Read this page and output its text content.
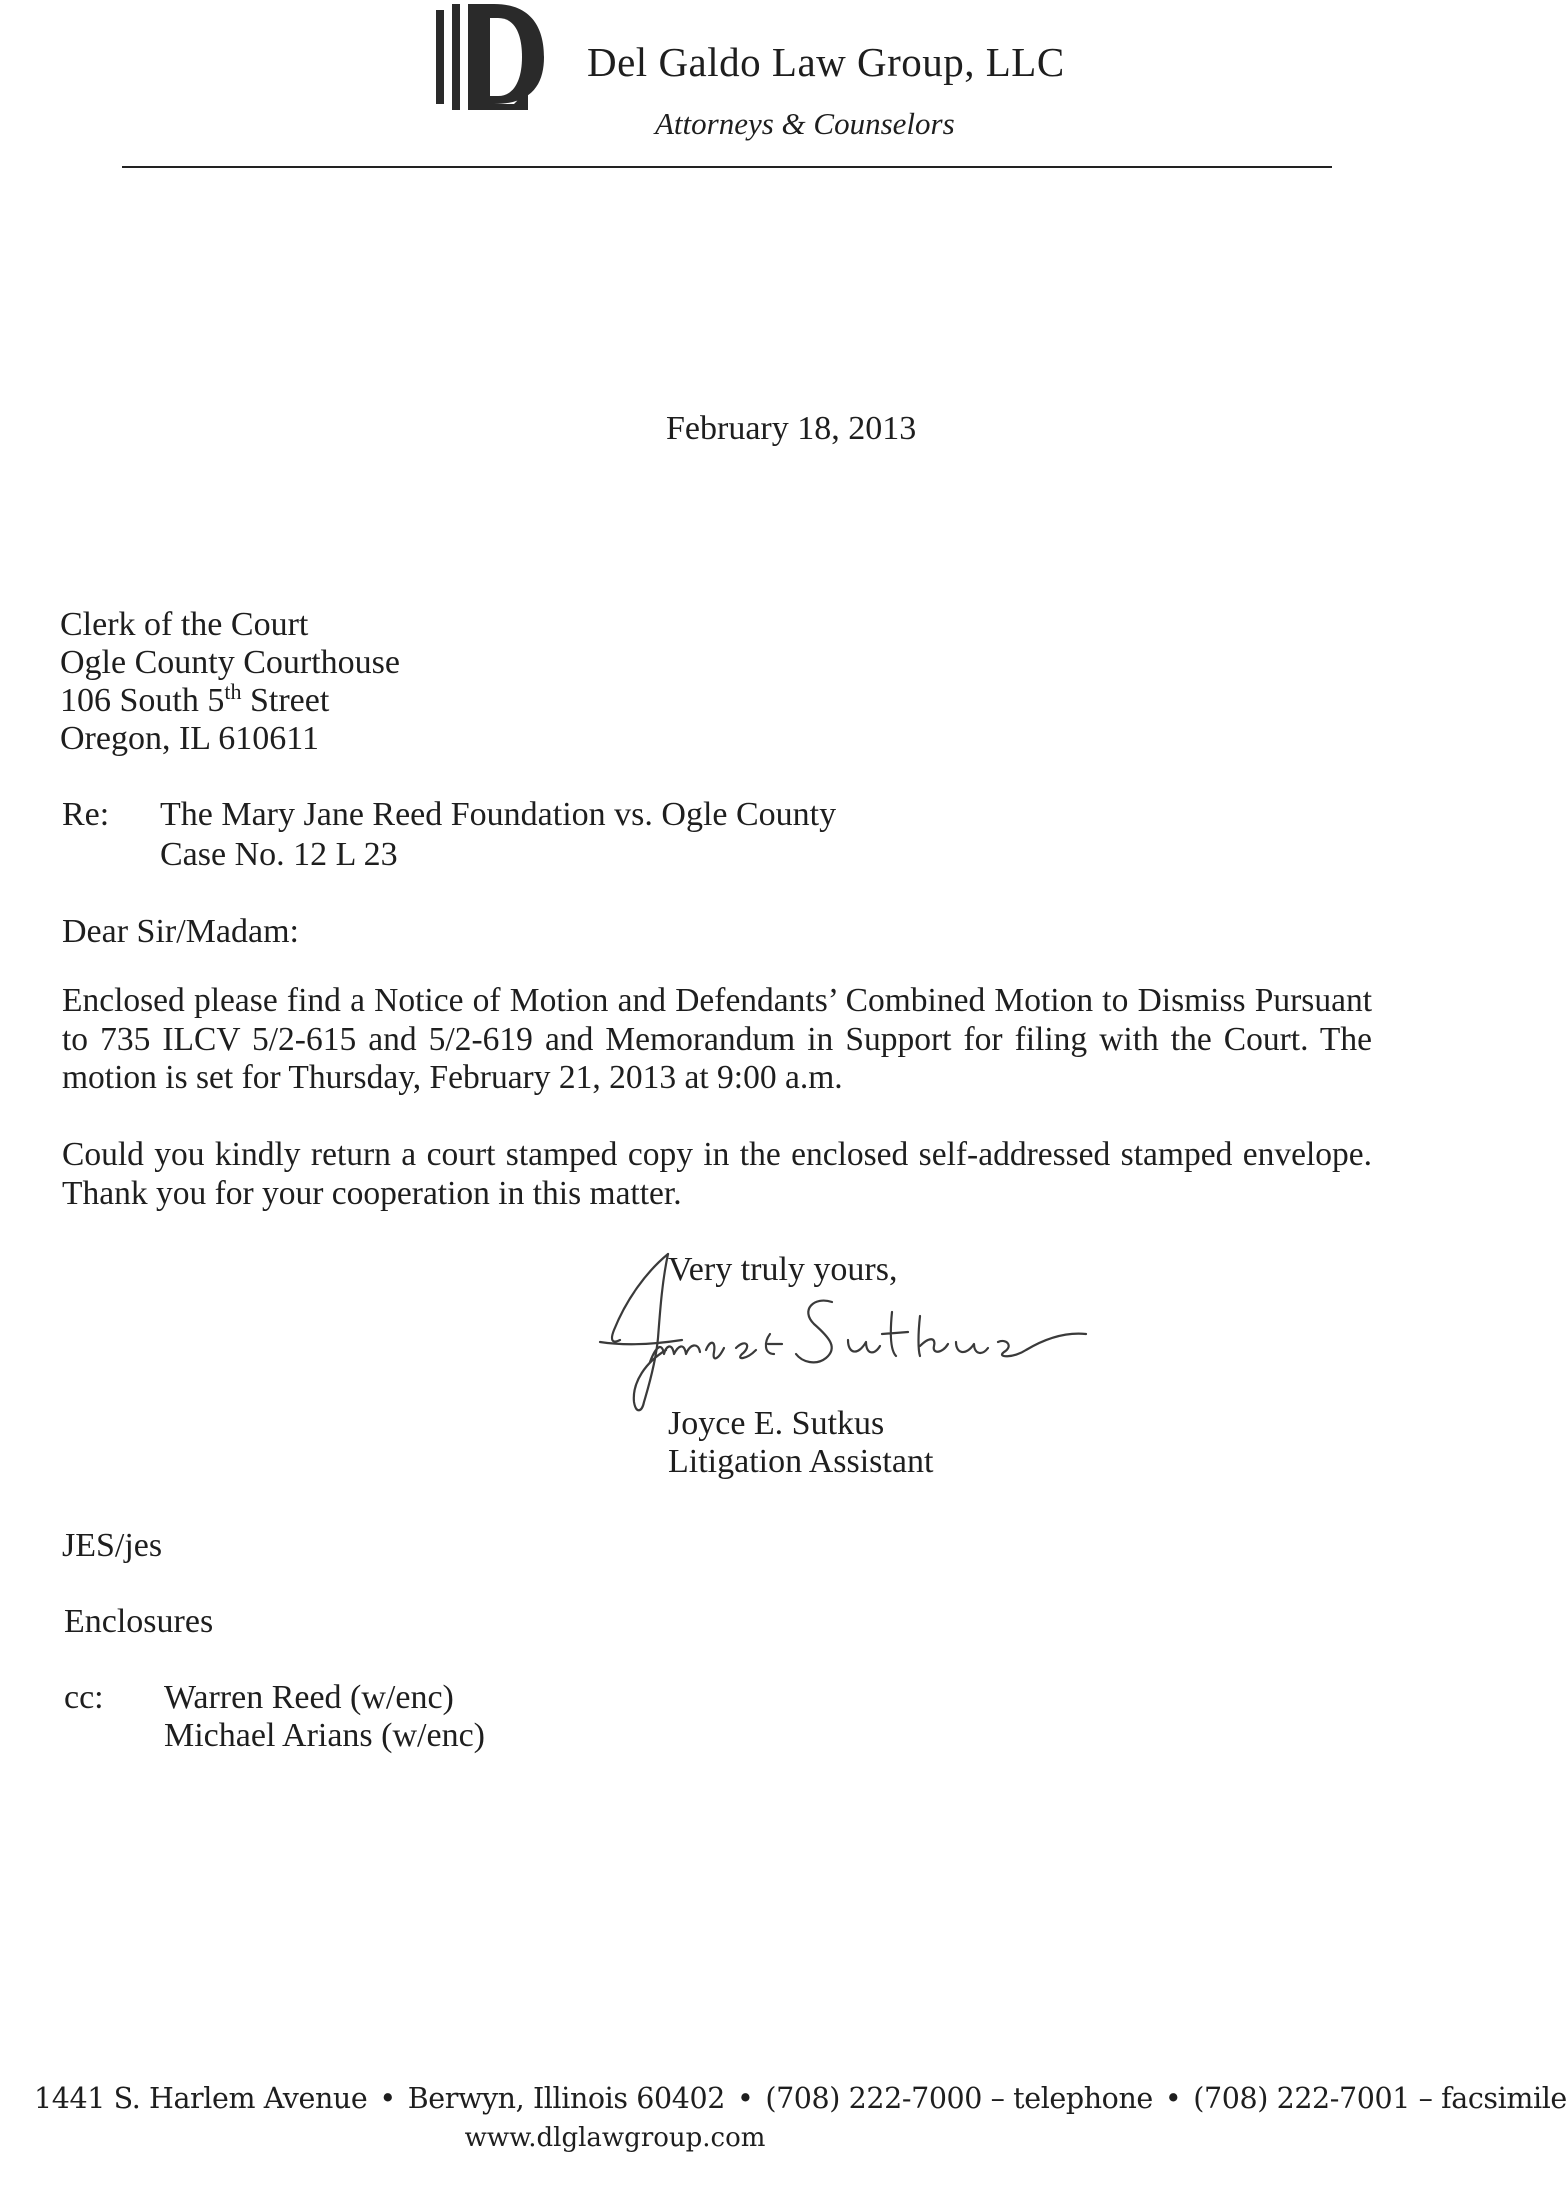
Del Galdo Law Group, LLC
Attorneys & Counselors
February 18, 2013
Clerk of the Court
Ogle County Courthouse
106 South 5th Street
Oregon, IL 610611
Re: The Mary Jane Reed Foundation vs. Ogle County
Case No. 12 L 23
Dear Sir/Madam:
Enclosed please find a Notice of Motion and Defendants’ Combined Motion to Dismiss Pursuant to 735 ILCV 5/2-615 and 5/2-619 and Memorandum in Support for filing with the Court. The motion is set for Thursday, February 21, 2013 at 9:00 a.m.
Could you kindly return a court stamped copy in the enclosed self-addressed stamped envelope. Thank you for your cooperation in this matter.
Very truly yours,
Joyce E. Sutkus
Litigation Assistant
JES/jes
Enclosures
cc: Warren Reed (w/enc)
Michael Arians (w/enc)
1441 S. Harlem Avenue • Berwyn, Illinois 60402 • (708) 222-7000 – telephone • (708) 222-7001 – facsimile
www.dlglawgroup.com
